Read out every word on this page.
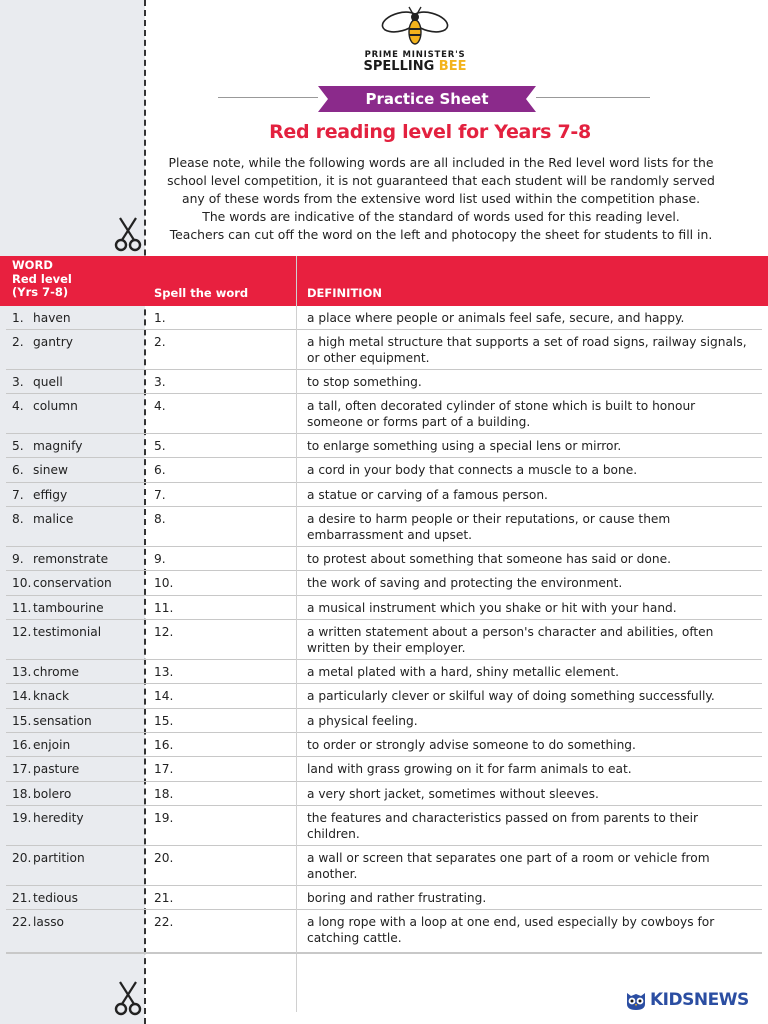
PRIME MINISTER'S
SPELLING BEE
Practice Sheet
Red reading level for Years 7-8
Please note, while the following words are all included in the Red level word lists for the
school level competition, it is not guaranteed that each student will be randomly served
any of these words from the extensive word list used within the competition phase.
The words are indicative of the standard of words used for this reading level.
Teachers can cut off the word on the left and photocopy the sheet for students to fill in.
WORD
Red level
(Yrs 7-8)	Spell the word	DEFINITION
1. haven	1.	a place where people or animals feel safe, secure, and happy.
2. gantry	2.	a high metal structure that supports a set of road signs, railway signals, or other equipment.
3. quell	3.	to stop something.
4. column	4.	a tall, often decorated cylinder of stone which is built to honour someone or forms part of a building.
5. magnify	5.	to enlarge something using a special lens or mirror.
6. sinew	6.	a cord in your body that connects a muscle to a bone.
7. effigy	7.	a statue or carving of a famous person.
8. malice	8.	a desire to harm people or their reputations, or cause them embarrassment and upset.
9. remonstrate	9.	to protest about something that someone has said or done.
10. conservation	10.	the work of saving and protecting the environment.
11. tambourine	11.	a musical instrument which you shake or hit with your hand.
12. testimonial	12.	a written statement about a person's character and abilities, often written by their employer.
13. chrome	13.	a metal plated with a hard, shiny metallic element.
14. knack	14.	a particularly clever or skilful way of doing something successfully.
15. sensation	15.	a physical feeling.
16. enjoin	16.	to order or strongly advise someone to do something.
17. pasture	17.	land with grass growing on it for farm animals to eat.
18. bolero	18.	a very short jacket, sometimes without sleeves.
19. heredity	19.	the features and characteristics passed on from parents to their children.
20. partition	20.	a wall or screen that separates one part of a room or vehicle from another.
21. tedious	21.	boring and rather frustrating.
22. lasso	22.	a long rope with a loop at one end, used especially by cowboys for catching cattle.
KIDSNEWS
